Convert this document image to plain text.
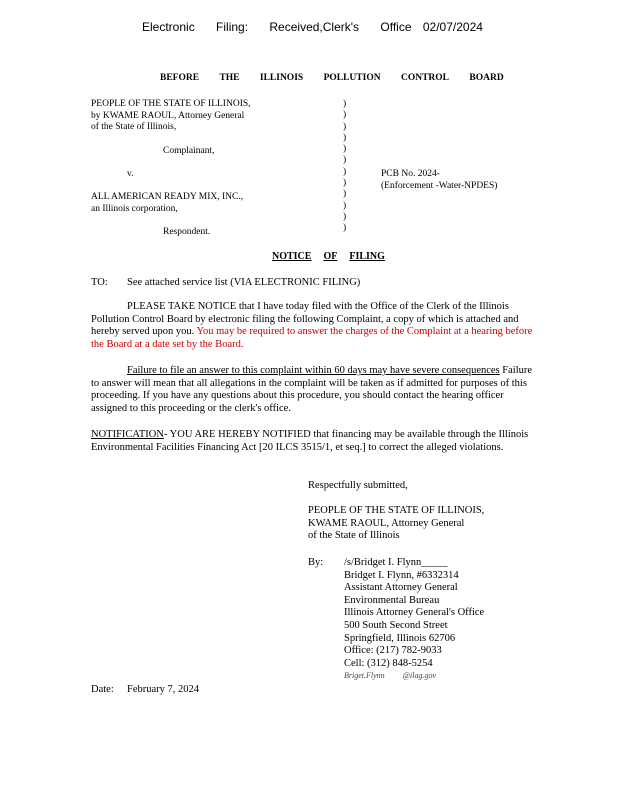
Electronic Filing: Received,Clerk's Office 02/07/2024
BEFORE THE ILLINOIS POLLUTION CONTROL BOARD
PEOPLE OF THE STATE OF ILLINOIS,
by KWAME RAOUL, Attorney General
of the State of Illinois,
Complainant,
v.
ALL AMERICAN READY MIX, INC.,
an Illinois corporation,
Respondent.
)
)
)
)
)
)
)
)
)
)
)
)
PCB No. 2024-
(Enforcement -Water-NPDES)
NOTICE OF FILING
TO: See attached service list (VIA ELECTRONIC FILING)
PLEASE TAKE NOTICE that I have today filed with the Office of the Clerk of the Illinois Pollution Control Board by electronic filing the following Complaint, a copy of which is attached and hereby served upon you. You may be required to answer the charges of the Complaint at a hearing before the Board at a date set by the Board.
Failure to file an answer to this complaint within 60 days may have severe consequences Failure to answer will mean that all allegations in the complaint will be taken as if admitted for purposes of this proceeding. If you have any questions about this procedure, you should contact the hearing officer assigned to this proceeding or the clerk's office.
NOTIFICATION- YOU ARE HEREBY NOTIFIED that financing may be available through the Illinois Environmental Facilities Financing Act [20 ILCS 3515/1, et seq.] to correct the alleged violations.
Respectfully submitted,
PEOPLE OF THE STATE OF ILLINOIS,
KWAME RAOUL, Attorney General
of the State of Illinois
By: /s/Bridget I. Flynn_____
Bridget I. Flynn, #6332314
Assistant Attorney General
Environmental Bureau
Illinois Attorney General's Office
500 South Second Street
Springfield, Illinois 62706
Office: (217) 782-9033
Cell: (312) 848-5254
Briget.Flynn @ilag.gov
Date: February 7, 2024
